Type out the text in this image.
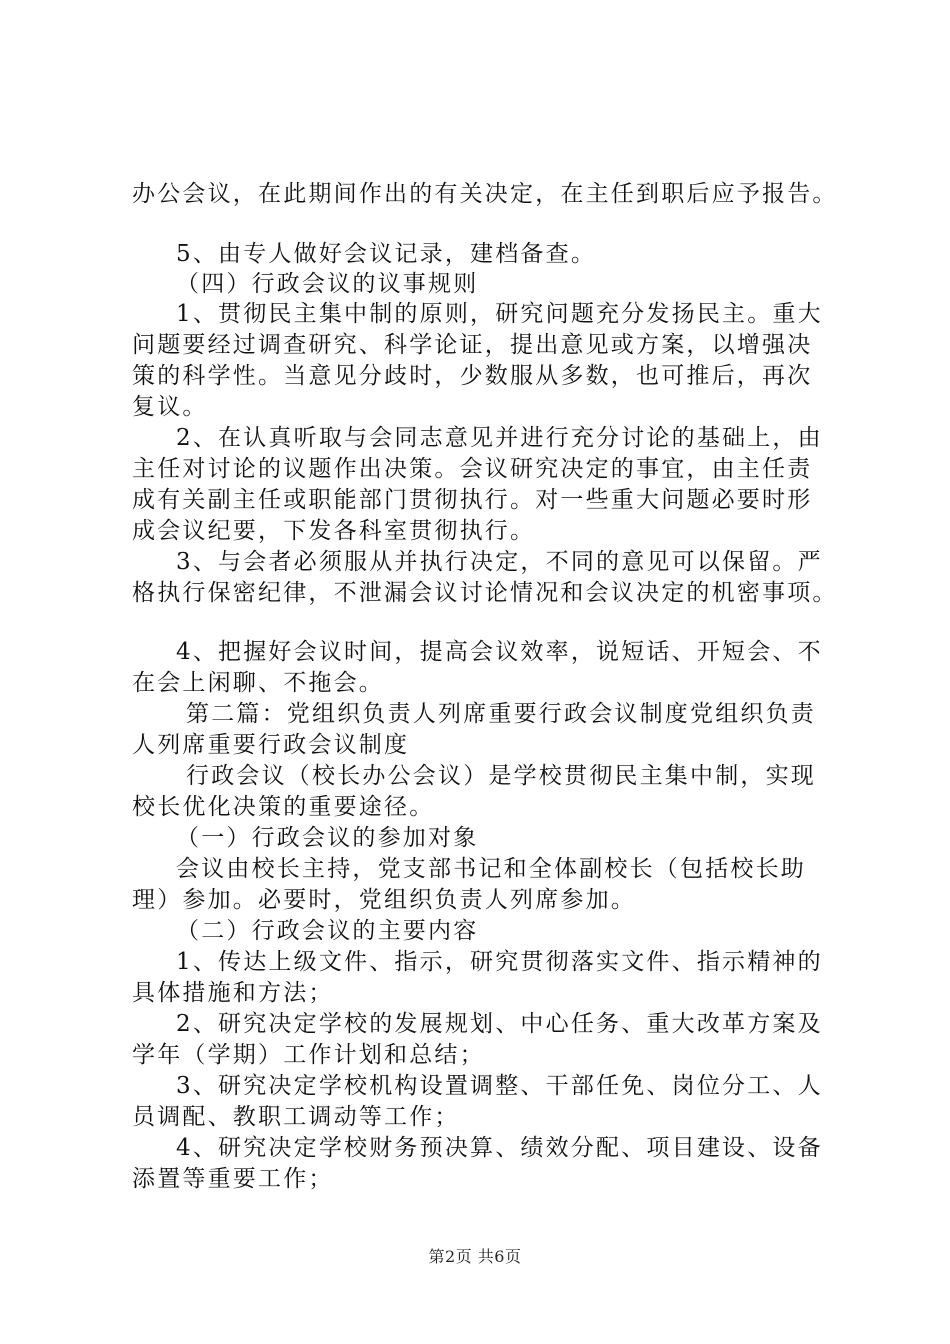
办公会议，在此期间作出的有关决定，在主任到职后应予报告。
5、由专人做好会议记录，建档备查。
（四）行政会议的议事规则
1、贯彻民主集中制的原则，研究问题充分发扬民主。重大
问题要经过调查研究、科学论证，提出意见或方案，以增强决
策的科学性。当意见分歧时，少数服从多数，也可推后，再次
复议。
2、在认真听取与会同志意见并进行充分讨论的基础上，由
主任对讨论的议题作出决策。会议研究决定的事宜，由主任责
成有关副主任或职能部门贯彻执行。对一些重大问题必要时形
成会议纪要，下发各科室贯彻执行。
3、与会者必须服从并执行决定，不同的意见可以保留。严
格执行保密纪律，不泄漏会议讨论情况和会议决定的机密事项。
4、把握好会议时间，提高会议效率，说短话、开短会、不
在会上闲聊、不拖会。
第二篇：党组织负责人列席重要行政会议制度党组织负责
人列席重要行政会议制度
行政会议（校长办公会议）是学校贯彻民主集中制，实现
校长优化决策的重要途径。
（一）行政会议的参加对象
会议由校长主持，党支部书记和全体副校长（包括校长助
理）参加。必要时，党组织负责人列席参加。
（二）行政会议的主要内容
1、传达上级文件、指示，研究贯彻落实文件、指示精神的
具体措施和方法；
2、研究决定学校的发展规划、中心任务、重大改革方案及
学年（学期）工作计划和总结；
3、研究决定学校机构设置调整、干部任免、岗位分工、人
员调配、教职工调动等工作；
4、研究决定学校财务预决算、绩效分配、项目建设、设备
添置等重要工作；
第2页 共6页
